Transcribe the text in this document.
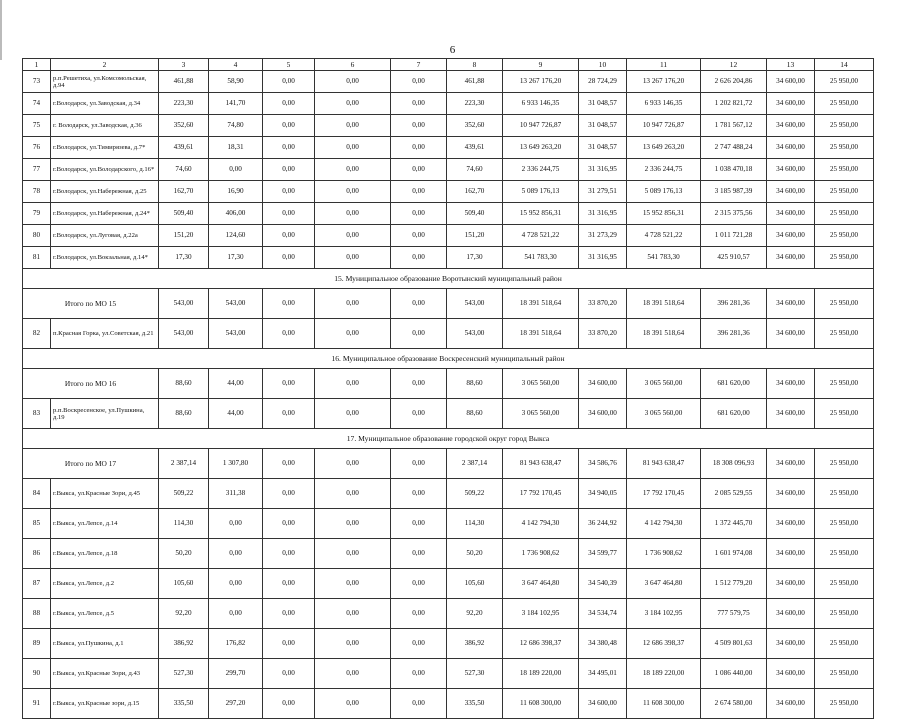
6
1	2	3	4	5	6	7	8	9	10	11	12	13	14
73	р.п.Решетиха, ул.Комсомольская, д.94	461,88	58,90	0,00	0,00	0,00	461,88	13 267 176,20	28 724,29	13 267 176,20	2 626 204,86	34 600,00	25 950,00
74	г.Володарск, ул.Заводская, д.34	223,30	141,70	0,00	0,00	0,00	223,30	6 933 146,35	31 048,57	6 933 146,35	1 202 821,72	34 600,00	25 950,00
75	г. Володарск, ул.Заводская, д.36	352,60	74,80	0,00	0,00	0,00	352,60	10 947 726,87	31 048,57	10 947 726,87	1 781 567,12	34 600,00	25 950,00
76	г.Володарск, ул.Тимирязева, д.7*	439,61	18,31	0,00	0,00	0,00	439,61	13 649 263,20	31 048,57	13 649 263,20	2 747 488,24	34 600,00	25 950,00
77	г.Володарск, ул.Володарского, д.16*	74,60	0,00	0,00	0,00	0,00	74,60	2 336 244,75	31 316,95	2 336 244,75	1 038 470,18	34 600,00	25 950,00
78	г.Володарск, ул.Набережная, д.25	162,70	16,90	0,00	0,00	0,00	162,70	5 089 176,13	31 279,51	5 089 176,13	3 185 987,39	34 600,00	25 950,00
79	г.Володарск, ул.Набережная, д.24*	509,40	406,00	0,00	0,00	0,00	509,40	15 952 856,31	31 316,95	15 952 856,31	2 315 375,56	34 600,00	25 950,00
80	г.Володарск, ул.Луговая, д.22а	151,20	124,60	0,00	0,00	0,00	151,20	4 728 521,22	31 273,29	4 728 521,22	1 011 721,28	34 600,00	25 950,00
81	г.Володарск, ул.Вокзальная, д.14*	17,30	17,30	0,00	0,00	0,00	17,30	541 783,30	31 316,95	541 783,30	425 910,57	34 600,00	25 950,00
15. Муниципальное образование Воротынский муниципальный район													
Итого по МО 15		543,00	543,00	0,00	0,00	0,00	543,00	18 391 518,64	33 870,20	18 391 518,64	396 281,36	34 600,00	25 950,00
82	п.Красная Горка, ул.Советская, д.21	543,00	543,00	0,00	0,00	0,00	543,00	18 391 518,64	33 870,20	18 391 518,64	396 281,36	34 600,00	25 950,00
16. Муниципальное образование Воскресенский муниципальный район													
Итого по МО 16		88,60	44,00	0,00	0,00	0,00	88,60	3 065 560,00	34 600,00	3 065 560,00	681 620,00	34 600,00	25 950,00
83	р.п.Воскресенское, ул.Пушкина, д.19	88,60	44,00	0,00	0,00	0,00	88,60	3 065 560,00	34 600,00	3 065 560,00	681 620,00	34 600,00	25 950,00
17. Муниципальное образование городской округ город Выкса													
Итого по МО 17		2 387,14	1 307,80	0,00	0,00	0,00	2 387,14	81 943 638,47	34 586,76	81 943 638,47	18 308 096,93	34 600,00	25 950,00
84	г.Выкса, ул.Красные Зори, д.45	509,22	311,38	0,00	0,00	0,00	509,22	17 792 170,45	34 940,05	17 792 170,45	2 085 529,55	34 600,00	25 950,00
85	г.Выкса, ул.Лепсе, д.14	114,30	0,00	0,00	0,00	0,00	114,30	4 142 794,30	36 244,92	4 142 794,30	1 372 445,70	34 600,00	25 950,00
86	г.Выкса, ул.Лепсе, д.18	50,20	0,00	0,00	0,00	0,00	50,20	1 736 908,62	34 599,77	1 736 908,62	1 601 974,08	34 600,00	25 950,00
87	г.Выкса, ул.Лепсе, д.2	105,60	0,00	0,00	0,00	0,00	105,60	3 647 464,80	34 540,39	3 647 464,80	1 512 779,20	34 600,00	25 950,00
88	г.Выкса, ул.Лепсе, д.5	92,20	0,00	0,00	0,00	0,00	92,20	3 184 102,95	34 534,74	3 184 102,95	777 579,75	34 600,00	25 950,00
89	г.Выкса, ул.Пушкина, д.1	386,92	176,82	0,00	0,00	0,00	386,92	12 686 398,37	34 380,48	12 686 398,37	4 509 801,63	34 600,00	25 950,00
90	г.Выкса, ул.Красные Зори, д.43	527,30	299,70	0,00	0,00	0,00	527,30	18 189 220,00	34 495,01	18 189 220,00	1 086 440,00	34 600,00	25 950,00
91	г.Выкса, ул.Красные зори, д.15	335,50	297,20	0,00	0,00	0,00	335,50	11 608 300,00	34 600,00	11 608 300,00	2 674 580,00	34 600,00	25 950,00
